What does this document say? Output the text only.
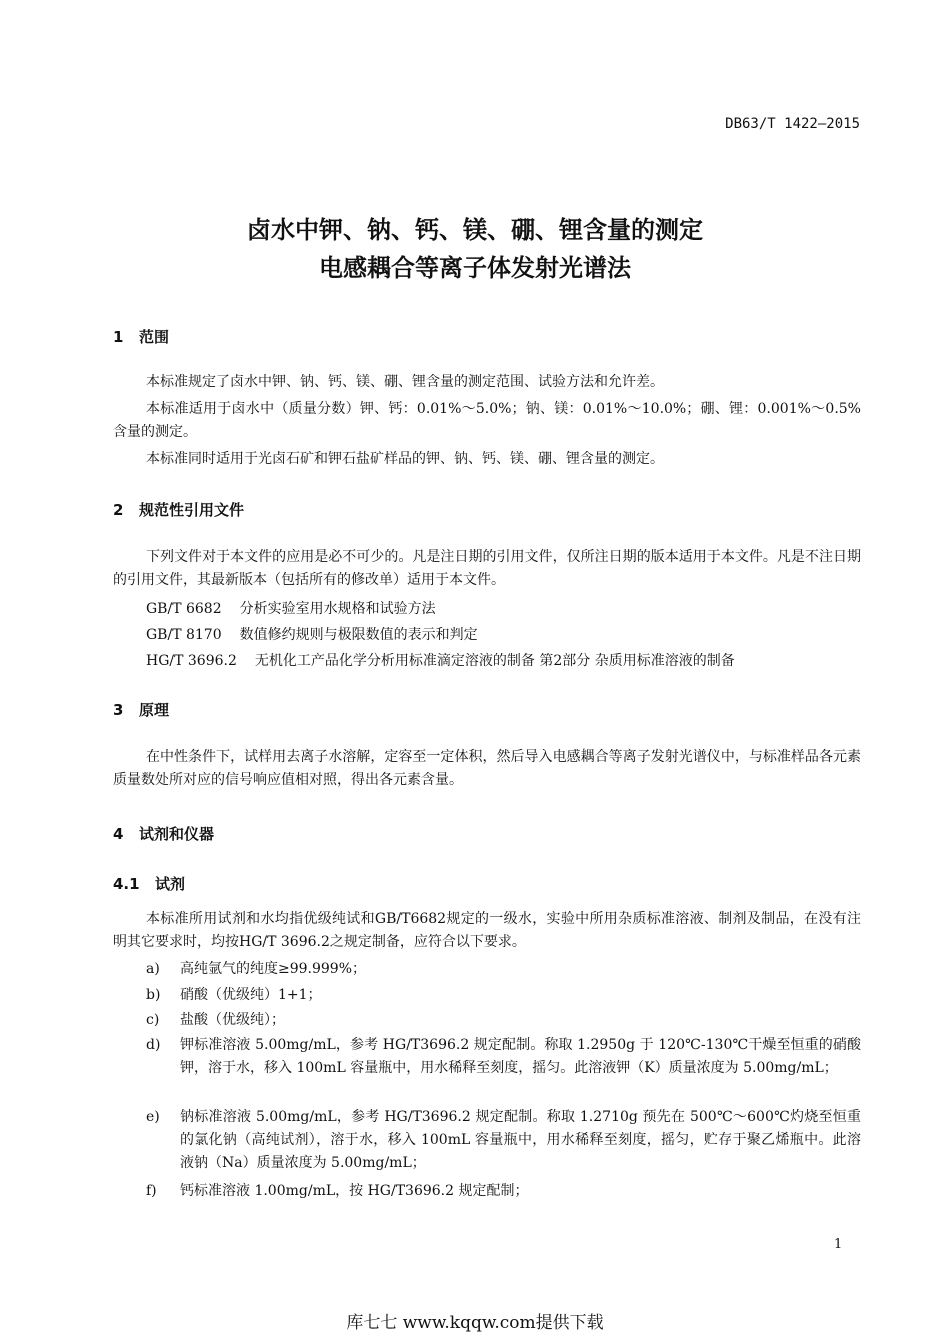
DB63/T 1422—2015
卤水中钾、钠、钙、镁、硼、锂含量的测定
电感耦合等离子体发射光谱法
1 范围
本标准规定了卤水中钾、钠、钙、镁、硼、锂含量的测定范围、试验方法和允许差。
本标准适用于卤水中（质量分数）钾、钙：0.01%～5.0%；钠、镁：0.01%～10.0%；硼、锂：0.001%～0.5%含量的测定。
本标准同时适用于光卤石矿和钾石盐矿样品的钾、钠、钙、镁、硼、锂含量的测定。
2 规范性引用文件
下列文件对于本文件的应用是必不可少的。凡是注日期的引用文件，仅所注日期的版本适用于本文件。凡是不注日期的引用文件，其最新版本（包括所有的修改单）适用于本文件。
GB/T 6682 分析实验室用水规格和试验方法
GB/T 8170 数值修约规则与极限数值的表示和判定
HG/T 3696.2 无机化工产品化学分析用标准滴定溶液的制备 第2部分 杂质用标准溶液的制备
3 原理
在中性条件下，试样用去离子水溶解，定容至一定体积，然后导入电感耦合等离子发射光谱仪中，与标准样品各元素质量数处所对应的信号响应值相对照，得出各元素含量。
4 试剂和仪器
4.1 试剂
本标准所用试剂和水均指优级纯试和GB/T6682规定的一级水，实验中所用杂质标准溶液、制剂及制品，在没有注明其它要求时，均按HG/T 3696.2之规定制备，应符合以下要求。
a)	高纯氩气的纯度≥99.999%；
b)	硝酸（优级纯）1+1；
c)	盐酸（优级纯）；
d)	钾标准溶液 5.00mg/mL，参考 HG/T3696.2 规定配制。称取 1.2950g 于 120℃-130℃干燥至恒重的硝酸钾，溶于水，移入 100mL 容量瓶中，用水稀释至刻度，摇匀。此溶液钾（K）质量浓度为 5.00mg/mL；
e)	钠标准溶液 5.00mg/mL，参考 HG/T3696.2 规定配制。称取 1.2710g 预先在 500℃～600℃灼烧至恒重的氯化钠（高纯试剂），溶于水，移入 100mL 容量瓶中，用水稀释至刻度，摇匀，贮存于聚乙烯瓶中。此溶液钠（Na）质量浓度为 5.00mg/mL；
f)	钙标准溶液 1.00mg/mL，按 HG/T3696.2 规定配制；
1
库七七 www.kqqw.com提供下载
